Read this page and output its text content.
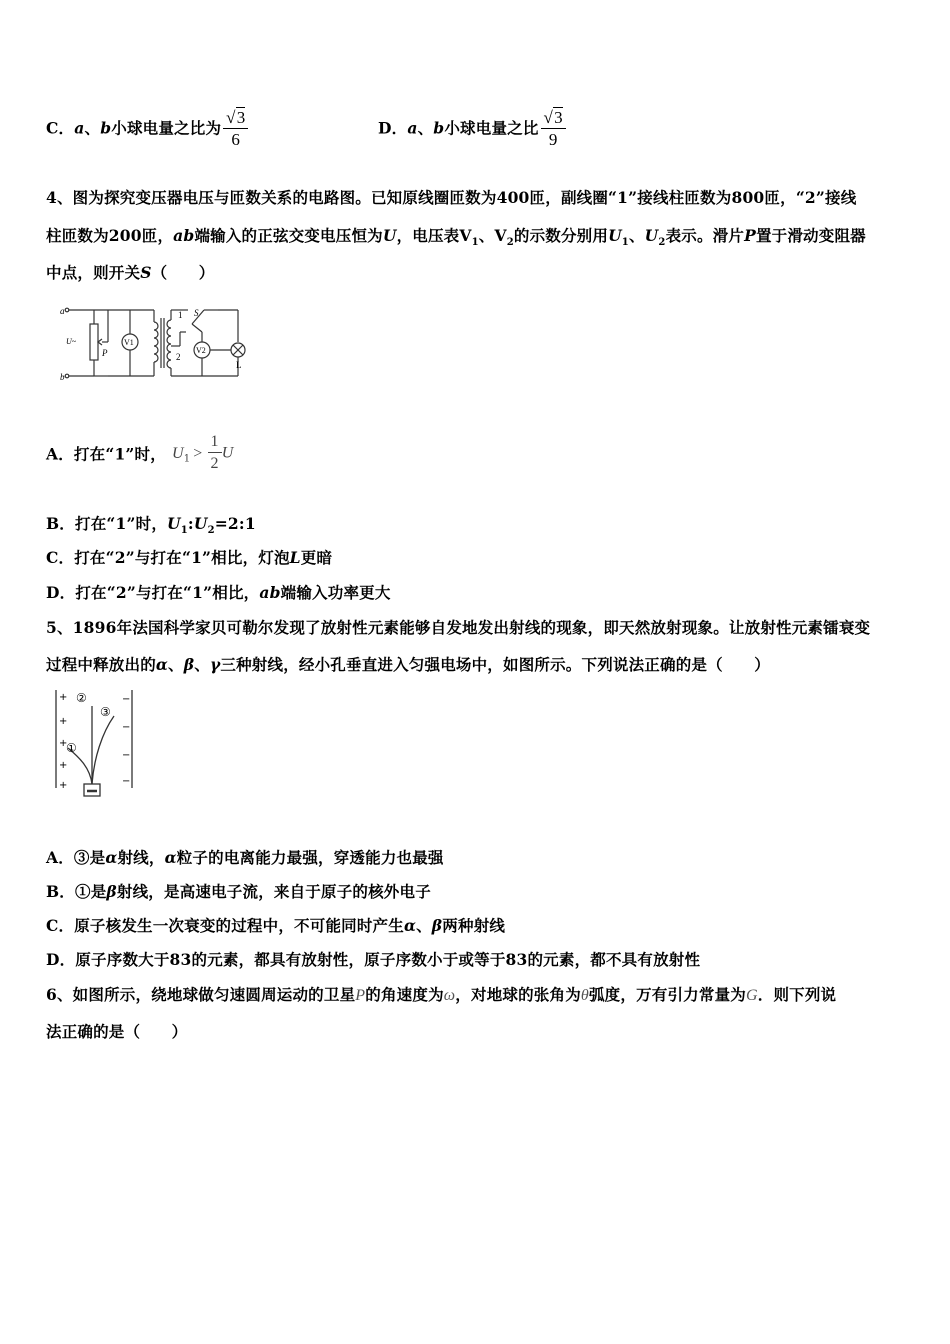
C．a、b小球电量之比为 $\frac{√3}{6}$	D．a、b小球电量之比 $\frac{√3}{9}$
4、图为探究变压器电压与匝数关系的电路图。已知原线圈匝数为400匝，副线圈“1”接线柱匝数为800匝，“2”接线
柱匝数为200匝，ab端输入的正弦交变电压恒为U，电压表$V_1$、$V_2$的示数分别用$U_1$、$U_2$表示。滑片P置于滑动变阻器
中点，则开关S（　　）
a
b
U~
P
V1
V2
1
2
S
L
A．打在“1”时， $U_1 > \frac{1}{2}$ U
B．打在“1”时，$U_1:U_2=2:1$
C．打在“2”与打在“1”相比，灯泡L更暗
D．打在“2”与打在“1”相比，ab端输入功率更大
5、1896年法国科学家贝可勒尔发现了放射性元素能够自发地发出射线的现象，即天然放射现象。让放射性元素镭衰变
过程中释放出的α、β、γ三种射线，经小孔垂直进入匀强电场中，如图所示。下列说法正确的是（　　）
+
+
+
+
+
−
−
−
−
②
③
①
A．③是α射线，α粒子的电离能力最强，穿透能力也最强
B．①是β射线，是高速电子流，来自于原子的核外电子
C．原子核发生一次衰变的过程中，不可能同时产生α、β两种射线
D．原子序数大于83的元素，都具有放射性，原子序数小于或等于83的元素，都不具有放射性
6、如图所示，绕地球做匀速圆周运动的卫星P的角速度为ω，对地球的张角为θ弧度，万有引力常量为G．则下列说
法正确的是（　　）
